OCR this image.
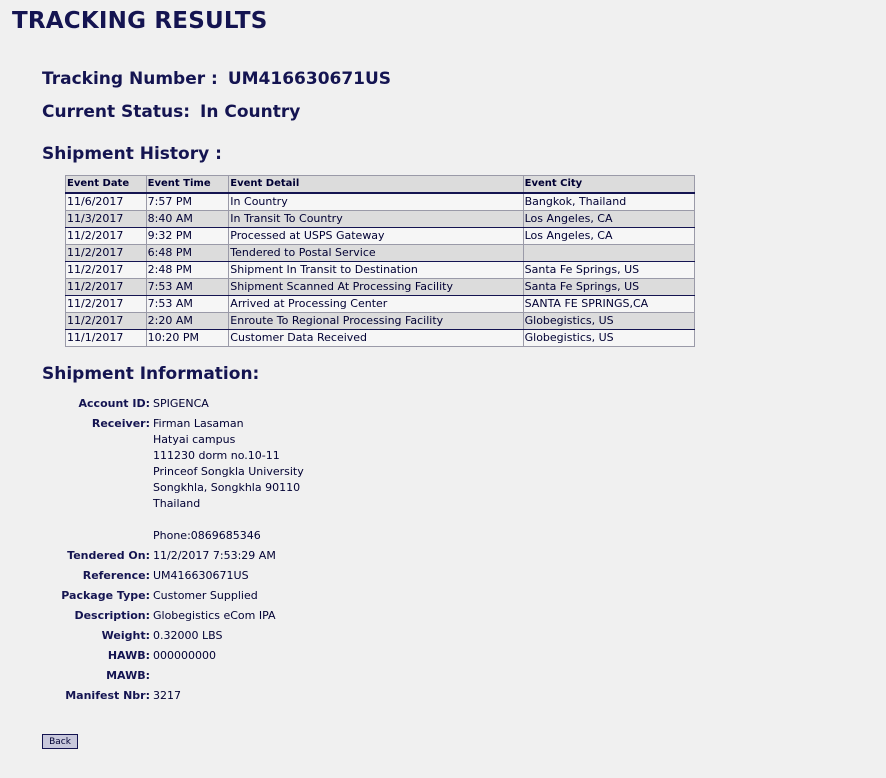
TRACKING RESULTS
Tracking Number : UM416630671US
Current Status: In Country
Shipment History :
Event Date	Event Time	Event Detail	Event City
11/6/2017	7:57 PM	In Country	Bangkok, Thailand
11/3/2017	8:40 AM	In Transit To Country	Los Angeles, CA
11/2/2017	9:32 PM	Processed at USPS Gateway	Los Angeles, CA
11/2/2017	6:48 PM	Tendered to Postal Service	
11/2/2017	2:48 PM	Shipment In Transit to Destination	Santa Fe Springs, US
11/2/2017	7:53 AM	Shipment Scanned At Processing Facility	Santa Fe Springs, US
11/2/2017	7:53 AM	Arrived at Processing Center	SANTA FE SPRINGS,CA
11/2/2017	2:20 AM	Enroute To Regional Processing Facility	Globegistics, US
11/1/2017	10:20 PM	Customer Data Received	Globegistics, US
Shipment Information:
Account ID: SPIGENCA
Receiver: Firman Lasaman
Hatyai campus
111230 dorm no.10-11
Princeof Songkla University
Songkhla, Songkhla 90110
Thailand
Phone:0869685346
Tendered On: 11/2/2017 7:53:29 AM
Reference: UM416630671US
Package Type: Customer Supplied
Description: Globegistics eCom IPA
Weight: 0.32000 LBS
HAWB: 000000000
MAWB:
Manifest Nbr: 3217
Back
